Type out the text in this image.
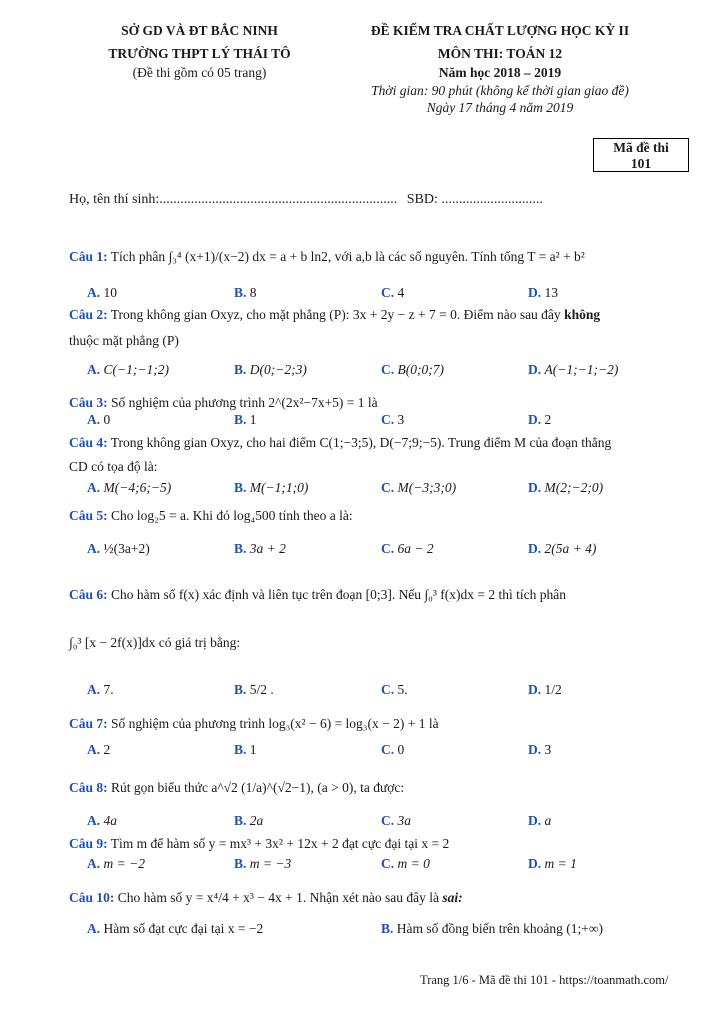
SỞ GD VÀ ĐT BẮC NINH
TRƯỜNG THPT LÝ THÁI TÔ
(Đề thi gồm có 05 trang)
ĐỀ KIỂM TRA CHẤT LƯỢNG HỌC KỲ II
MÔN THI: TOÁN 12
Năm học 2018 – 2019
Thời gian: 90 phút (không kể thời gian giao đề)
Ngày 17 tháng 4 năm 2019
Mã đề thi
101
Họ, tên thí sinh:.................................................................... SBD: .............................
Câu 1: Tích phân ∫₃⁴ (x+1)/(x−2) dx = a + b ln2, với a,b là các số nguyên. Tính tổng T = a² + b²
A. 10	B. 8	C. 4	D. 13
Câu 2: Trong không gian Oxyz, cho mặt phẳng (P): 3x + 2y − z + 7 = 0. Điểm nào sau đây không
thuộc mặt phẳng (P)
A. C(−1;−1;2)	B. D(0;−2;3)	C. B(0;0;7)	D. A(−1;−1;−2)
Câu 3: Số nghiệm của phương trình 2^(2x²−7x+5) = 1 là
A. 0	B. 1	C. 3	D. 2
Câu 4: Trong không gian Oxyz, cho hai điểm C(1;−3;5), D(−7;9;−5). Trung điểm M của đoạn thẳng
CD có tọa độ là:
A. M(−4;6;−5)	B. M(−1;1;0)	C. M(−3;3;0)	D. M(2;−2;0)
Câu 5: Cho log₂5 = a. Khi đó log₄500 tính theo a là:
A. ½(3a+2)	B. 3a + 2	C. 6a − 2	D. 2(5a + 4)
Câu 6: Cho hàm số f(x) xác định và liên tục trên đoạn [0;3]. Nếu ∫₀³ f(x)dx = 2 thì tích phân
∫₀³ [x − 2f(x)]dx có giá trị bằng:
A. 7.	B. 5/2 .	C. 5.	D. 1/2
Câu 7: Số nghiệm của phương trình log₃(x² − 6) = log₃(x − 2) + 1 là
A. 2	B. 1	C. 0	D. 3
Câu 8: Rút gọn biểu thức a^√2 (1/a)^(√2−1), (a > 0), ta được:
A. 4a	B. 2a	C. 3a	D. a
Câu 9: Tìm m để hàm số y = mx³ + 3x² + 12x + 2 đạt cực đại tại x = 2
A. m = −2	B. m = −3	C. m = 0	D. m = 1
Câu 10: Cho hàm số y = x⁴/4 + x³ − 4x + 1. Nhận xét nào sau đây là sai:
A. Hàm số đạt cực đại tại x = −2	B. Hàm số đồng biến trên khoảng (1;+∞)
Trang 1/6 - Mã đề thi 101 - https://toanmath.com/
